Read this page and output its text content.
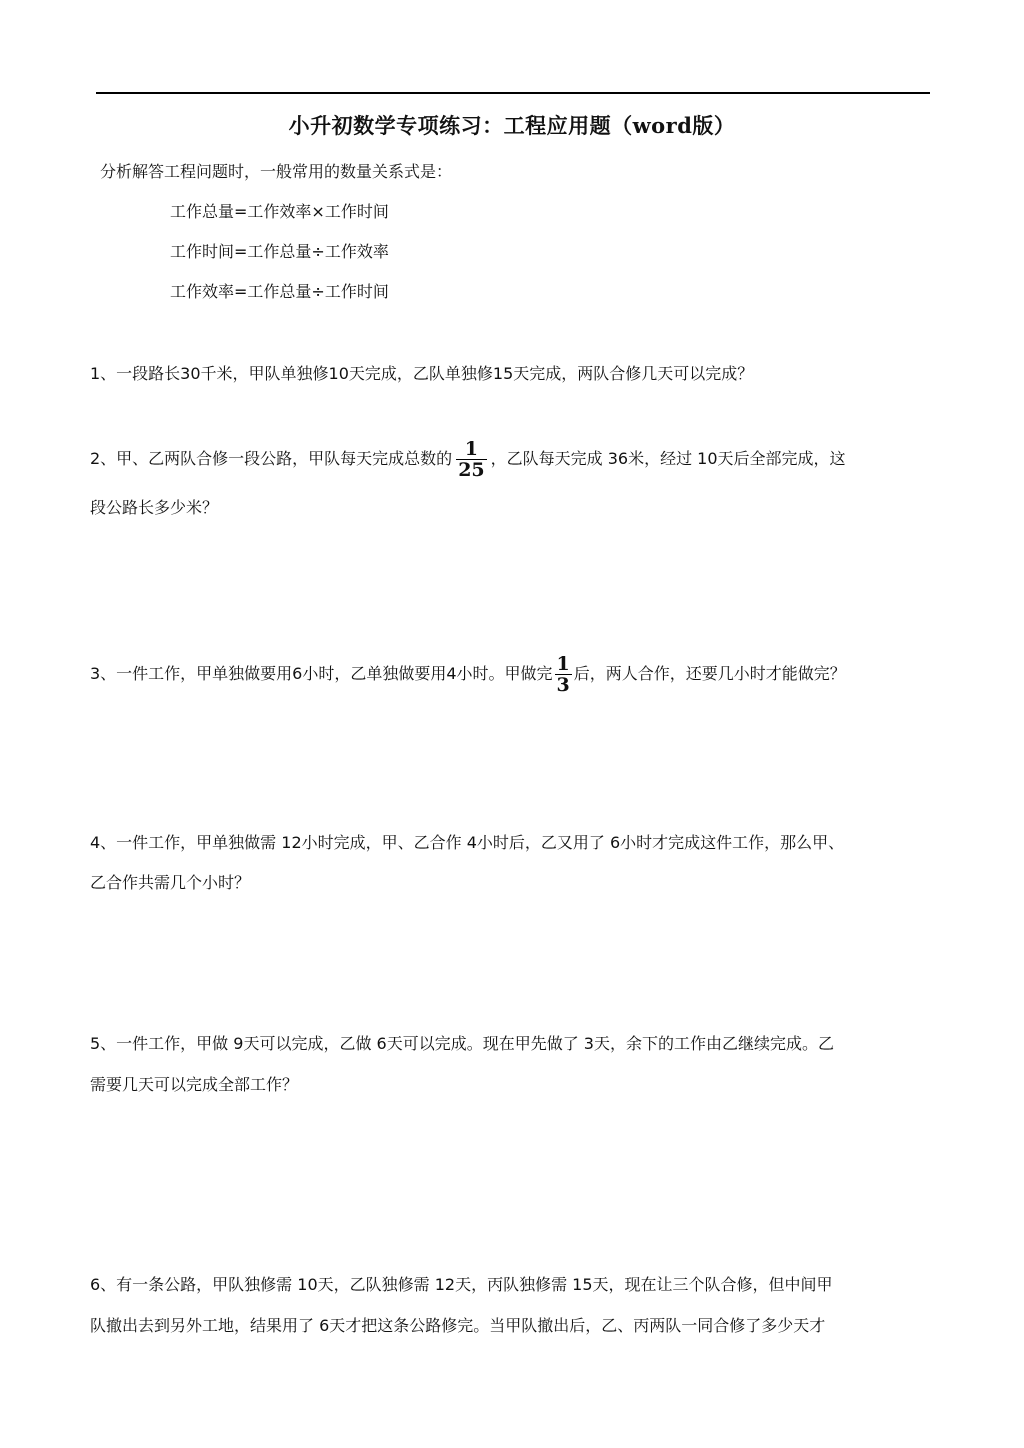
小升初数学专项练习：工程应用题（word版）
分析解答工程问题时，一般常用的数量关系式是：
工作总量=工作效率×工作时间
工作时间=工作总量÷工作效率
工作效率=工作总量÷工作时间
1、一段路长30千米，甲队单独修10天完成，乙队单独修15天完成，两队合修几天可以完成？
2、甲、乙两队合修一段公路，甲队每天完成总数的 $\frac{1}{25}$ ，乙队每天完成 36米，经过 10天后全部完成，这
段公路长多少米？
3、一件工作，甲单独做要用6小时，乙单独做要用4小时。甲做完 $\frac{1}{3}$ 后，两人合作，还要几小时才能做完？
4、一件工作，甲单独做需 12小时完成，甲、乙合作 4小时后，乙又用了 6小时才完成这件工作，那么甲、
乙合作共需几个小时？
5、一件工作，甲做 9天可以完成，乙做 6天可以完成。现在甲先做了 3天，余下的工作由乙继续完成。乙
需要几天可以完成全部工作？
6、有一条公路，甲队独修需 10天，乙队独修需 12天，丙队独修需 15天，现在让三个队合修，但中间甲
队撤出去到另外工地，结果用了 6天才把这条公路修完。当甲队撤出后，乙、丙两队一同合修了多少天才
